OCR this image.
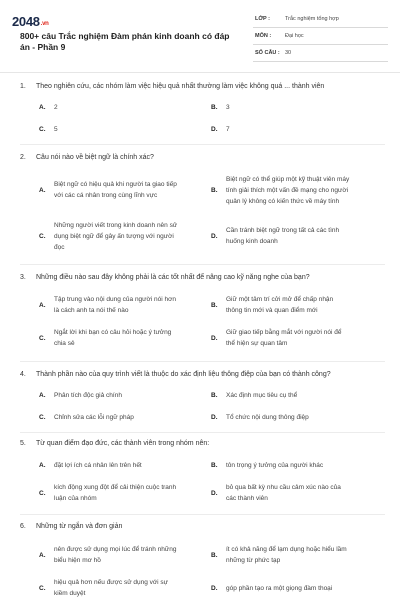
2048.vn
800+ câu Trắc nghiệm Đàm phán kinh doanh có đáp án - Phần 9
LỚP :	Trắc nghiệm tổng hợp
MÔN :	Đại học
SỐ CÂU : 30
1. Theo nghiên cứu, các nhóm làm việc hiệu quả nhất thường làm việc không quá ... thành viên
A. 2	B. 3
C. 5	D. 7
2. Câu nói nào về biệt ngữ là chính xác?
A.
Biệt ngữ có hiệu quả khi người ta giao tiếp
với các cá nhân trong cùng lĩnh vực
B.
Biệt ngữ có thể giúp một kỹ thuật viên máy
tính giải thích một vấn đề mạng cho người
quản lý không có kiến thức về máy tính
C.
Những người viết trong kinh doanh nên sử
dụng biệt ngữ để gây ấn tượng với người
đọc
D.
Cần tránh biệt ngữ trong tất cả các tình
huống kinh doanh
3. Những điều nào sau đây không phải là các tốt nhất để nâng cao kỹ năng nghe của bạn?
A.
Tập trung vào nội dung của người nói hơn
là cách anh ta nói thế nào
B.
Giữ một tâm trí cởi mở để chấp nhận
thông tin mới và quan điểm mới
C.
Ngắt lời khi bạn có câu hỏi hoặc ý tưởng
chia sẻ
D.
Giữ giao tiếp bằng mắt với người nói để
thể hiện sự quan tâm
4. Thành phần nào của quy trình viết là thuộc do xác định liệu thông điệp của bạn có thành công?
A. Phân tích độc giả chính	B. Xác định mục tiêu cụ thể
C. Chỉnh sửa các lỗi ngữ pháp	D. Tổ chức nội dung thông điệp
5. Từ quan điểm đạo đức, các thành viên trong nhóm nên:
A. đặt lợi ích cá nhân lên trên hết	B. tôn trọng ý tưởng của người khác
C.
kích động xung đột để cải thiện cuộc tranh
luận của nhóm
D.
bỏ qua bất kỳ nhu cầu cảm xúc nào của
các thành viên
6. Những từ ngắn và đơn giản
A.
nên được sử dụng mọi lúc để tránh những
biểu hiện mơ hồ
B.
ít có khả năng để lạm dụng hoặc hiểu lầm
những từ phức tạp
C.
hiệu quả hơn nếu được sử dụng với sự
kiềm duyệt
D. góp phần tạo ra một giọng đàm thoại
